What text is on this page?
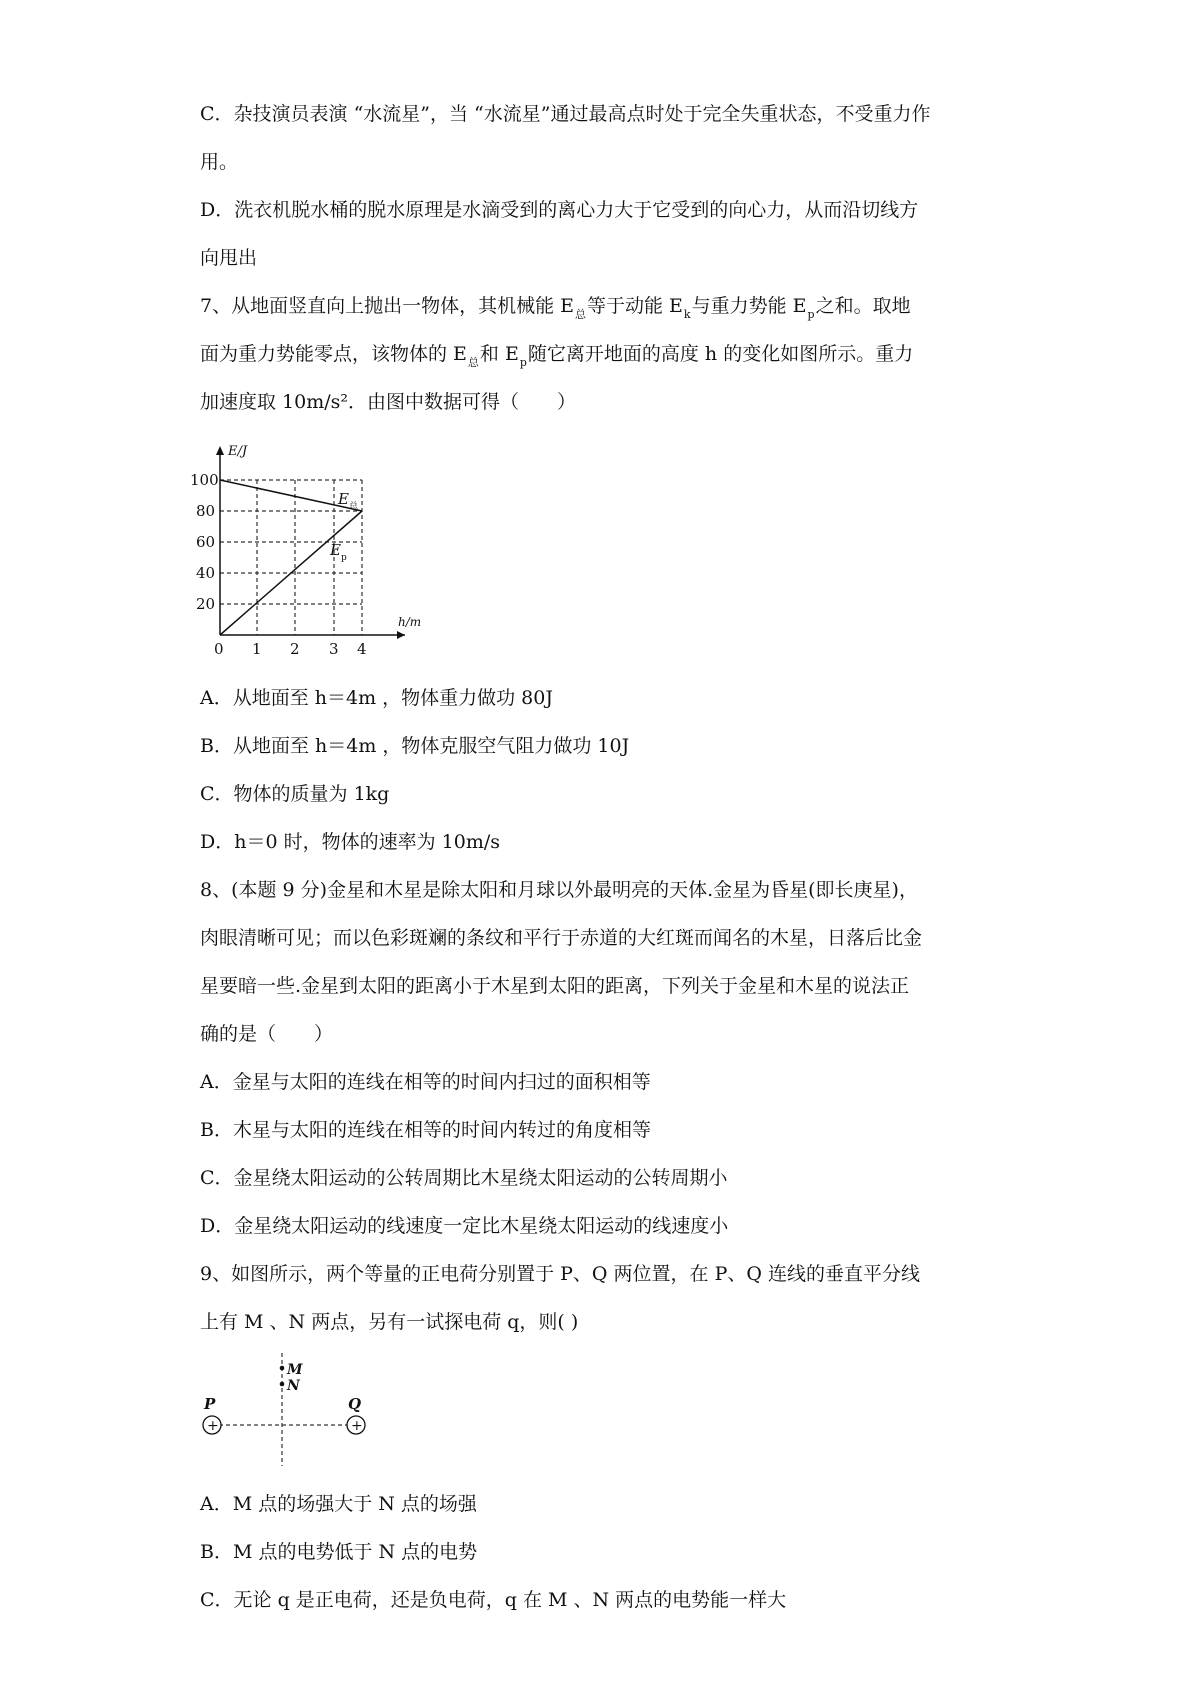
C．杂技演员表演 “水流星”，当 “水流星”通过最高点时处于完全失重状态，不受重力作
用。
D．洗衣机脱水桶的脱水原理是水滴受到的离心力大于它受到的向心力，从而沿切线方
向甩出
7、从地面竖直向上抛出一物体，其机械能 $E_总$等于动能 $E_k$与重力势能 $E_p$之和。取地
面为重力势能零点，该物体的 $E_总$和 $E_p$随它离开地面的高度 h 的变化如图所示。重力
加速度取 10m/s²．由图中数据可得（　　）
E/J
h/m
100
80
60
40
20
0 1 2 3 4
E 总
E p
A．从地面至 h＝4m ，物体重力做功 80J
B．从地面至 h＝4m ，物体克服空气阻力做功 10J
C．物体的质量为 1kg
D．h＝0 时，物体的速率为 10m/s
8、(本题 9 分)金星和木星是除太阳和月球以外最明亮的天体.金星为昏星(即长庚星)，
肉眼清晰可见；而以色彩斑斓的条纹和平行于赤道的大红斑而闻名的木星，日落后比金
星要暗一些.金星到太阳的距离小于木星到太阳的距离，下列关于金星和木星的说法正
确的是（　　）
A．金星与太阳的连线在相等的时间内扫过的面积相等
B．木星与太阳的连线在相等的时间内转过的角度相等
C．金星绕太阳运动的公转周期比木星绕太阳运动的公转周期小
D．金星绕太阳运动的线速度一定比木星绕太阳运动的线速度小
9、如图所示，两个等量的正电荷分别置于 P、Q 两位置，在 P、Q 连线的垂直平分线
上有 M 、N 两点，另有一试探电荷 q，则( )
+	+
P	Q
M
N
A．M 点的场强大于 N 点的场强
B．M 点的电势低于 N 点的电势
C．无论 q 是正电荷，还是负电荷，q 在 M 、N 两点的电势能一样大
